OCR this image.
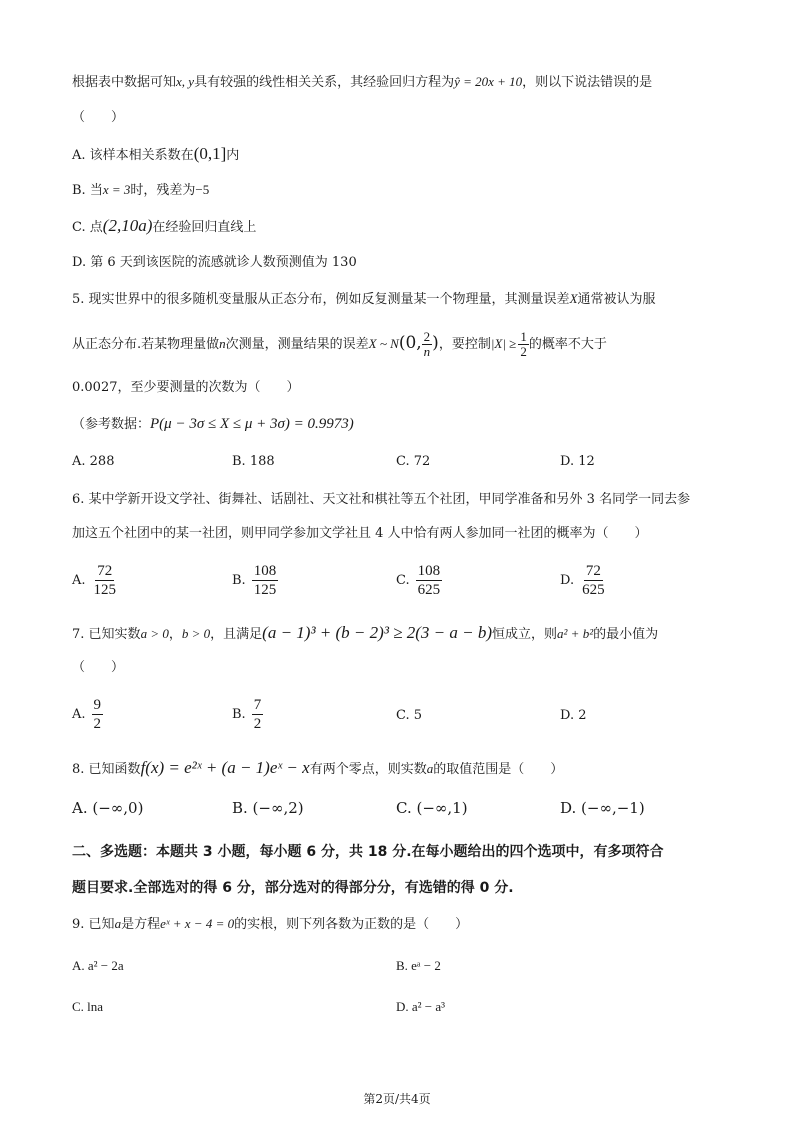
根据表中数据可知x, y具有较强的线性相关关系，其经验回归方程为ŷ = 20x + 10，则以下说法错误的是
（　　）
A. 该样本相关系数在(0,1]内
B. 当x = 3时，残差为−5
C. 点(2,10a)在经验回归直线上
D. 第 6 天到该医院的流感就诊人数预测值为 130
5. 现实世界中的很多随机变量服从正态分布，例如反复测量某一个物理量，其测量误差X通常被认为服
从正态分布.若某物理量做n次测量，测量结果的误差X ~ N(0, $\frac{2}{n}$ )，要控制$|X| \ge \frac{1}{2}$ 的概率不大于
0.0027，至少要测量的次数为（　　）
（参考数据：P(μ − 3σ ≤ X ≤ μ + 3σ) = 0.9973)
A. 288	B. 188	C. 72	D. 12
6. 某中学新开设文学社、街舞社、话剧社、天文社和棋社等五个社团，甲同学准备和另外 3 名同学一同去参
加这五个社团中的某一社团，则甲同学参加文学社且 4 人中恰有两人参加同一社团的概率为（　　）
A. $\frac{72}{125}$	B. $\frac{108}{125}$	C. $\frac{108}{625}$	D. $\frac{72}{625}$
7. 已知实数a > 0，b > 0，且满足(a − 1)³ + (b − 2)³ ≥ 2(3 − a − b)恒成立，则a² + b²的最小值为
（　　）
A. $\frac{9}{2}$	B. $\frac{7}{2}$	C. 5	D. 2
8. 已知函数f(x) = e²ˣ + (a − 1)eˣ − x有两个零点，则实数a的取值范围是（　　）
A. (−∞,0)	B. (−∞,2)	C. (−∞,1)	D. (−∞,−1)
二、多选题：本题共 3 小题，每小题 6 分，共 18 分.在每小题给出的四个选项中，有多项符合
题目要求.全部选对的得 6 分，部分选对的得部分分，有选错的得 0 分.
9. 已知a是方程eˣ + x − 4 = 0的实根，则下列各数为正数的是（　　）
A. a² − 2a	B. eᵃ − 2
C. lna	D. a² − a³
第2页/共4页
